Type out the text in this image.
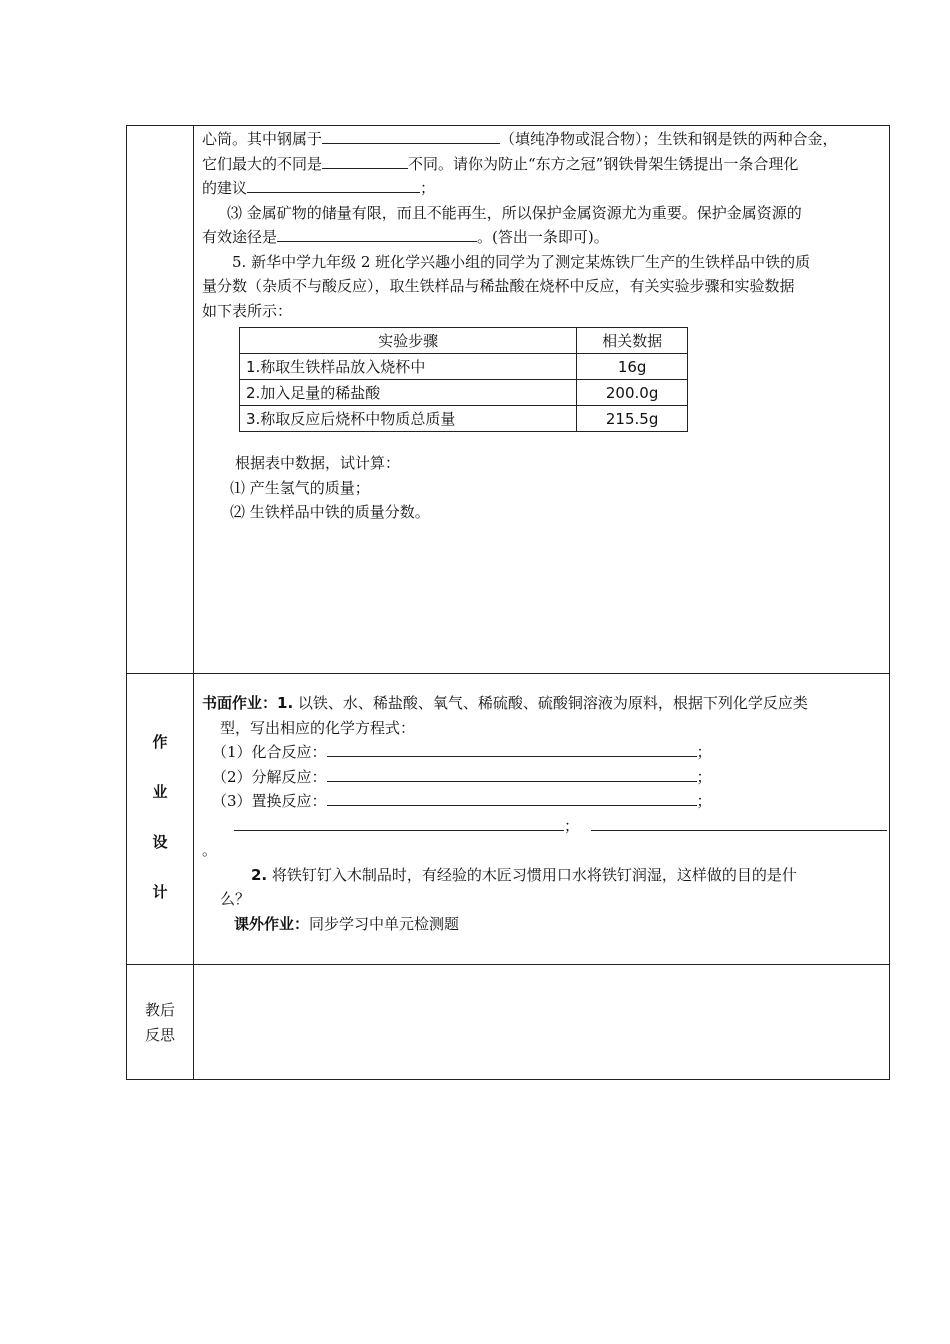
心筒。其中钢属于	（填纯净物或混合物）；生铁和钢是铁的两种合金，

它们最大的不同是	不同。请你为防止“东方之冠”钢铁骨架生锈提出一条合理化

的建议	；

⑶ 金属矿物的储量有限，而且不能再生，所以保护金属资源尤为重要。保护金属资源的

有效途径是	。(答出一条即可)。

5. 新华中学九年级 2 班化学兴趣小组的同学为了测定某炼铁厂生产的生铁样品中铁的质

量分数（杂质不与酸反应），取生铁样品与稀盐酸在烧杯中反应，有关实验步骤和实验数据

如下表所示：

实验步骤	相关数据
1.称取生铁样品放入烧杯中	16g
2.加入足量的稀盐酸	200.0g
3.称取反应后烧杯中物质总质量	215.5g

根据表中数据，试计算：

⑴ 产生氢气的质量；

⑵ 生铁样品中铁的质量分数。

作
业
设
计

书面作业：1. 以铁、水、稀盐酸、氧气、稀硫酸、硫酸铜溶液为原料，根据下列化学反应类

型，写出相应的化学方程式：

（1）化合反应：	；

（2）分解反应：	；

（3）置换反应：	；

；

。

2. 将铁钉钉入木制品时，有经验的木匠习惯用口水将铁钉润湿，这样做的目的是什

么？

课外作业：同步学习中单元检测题

教后
反思
